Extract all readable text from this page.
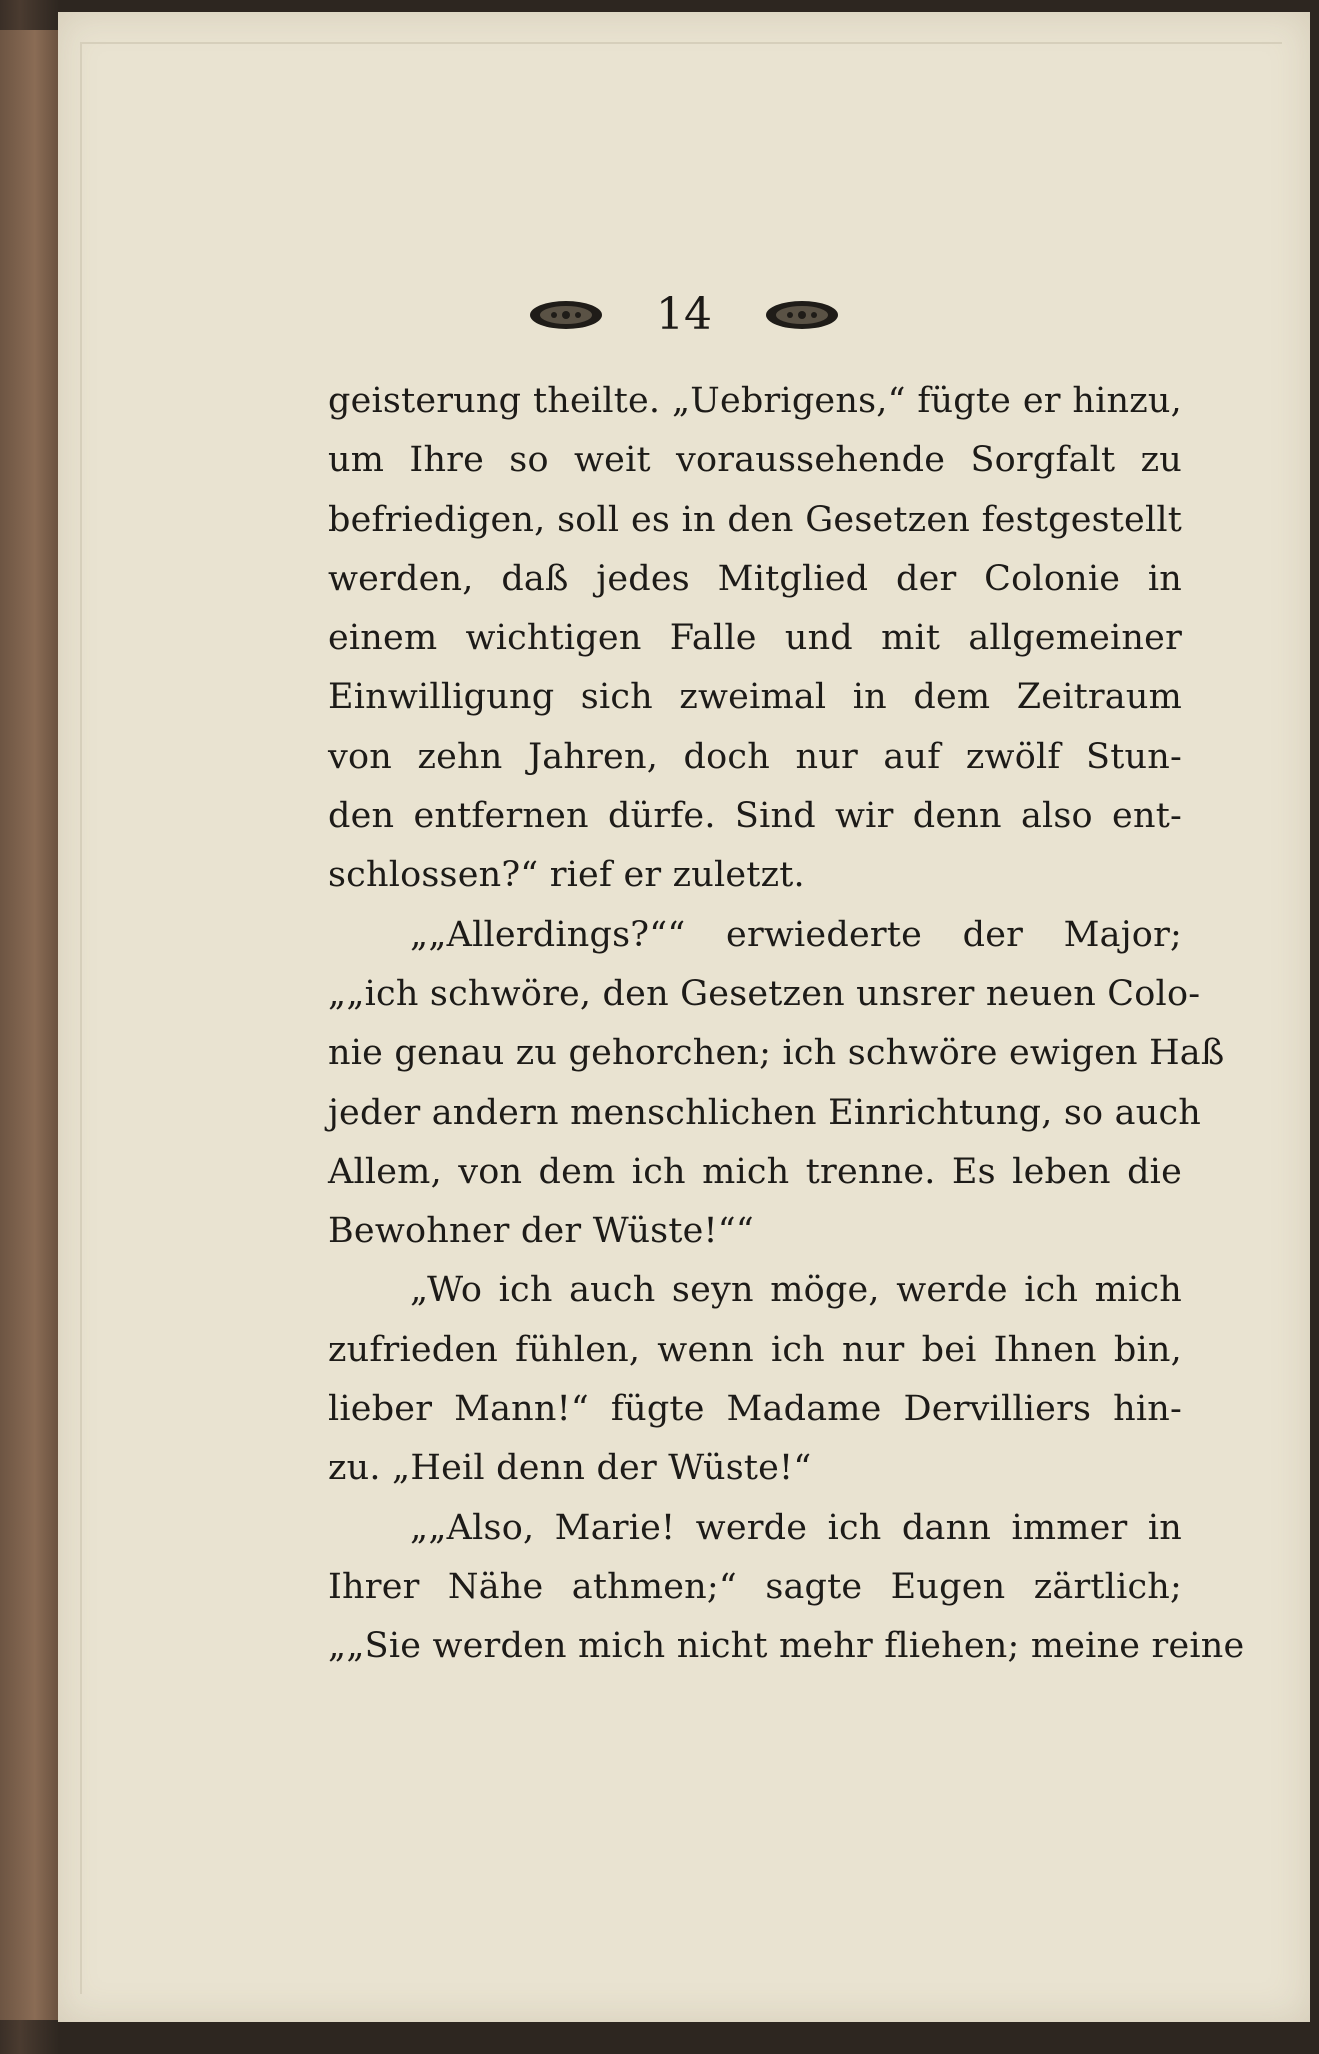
14
geisterung theilte. „Uebrigens,“ fügte er hinzu,
um Ihre so weit voraussehende Sorgfalt zu
befriedigen, soll es in den Gesetzen festgestellt
werden, daß jedes Mitglied der Colonie in
einem wichtigen Falle und mit allgemeiner
Einwilligung sich zweimal in dem Zeitraum
von zehn Jahren, doch nur auf zwölf Stun-
den entfernen dürfe. Sind wir denn also ent-
schlossen?“ rief er zuletzt.
„„Allerdings?““ erwiederte der Major;
„„ich schwöre, den Gesetzen unsrer neuen Colo-
nie genau zu gehorchen; ich schwöre ewigen Haß
jeder andern menschlichen Einrichtung, so auch
Allem, von dem ich mich trenne. Es leben die
Bewohner der Wüste!““
„Wo ich auch seyn möge, werde ich mich
zufrieden fühlen, wenn ich nur bei Ihnen bin,
lieber Mann!“ fügte Madame Dervilliers hin-
zu. „Heil denn der Wüste!“
„„Also, Marie! werde ich dann immer in
Ihrer Nähe athmen;“ sagte Eugen zärtlich;
„„Sie werden mich nicht mehr fliehen; meine reine
